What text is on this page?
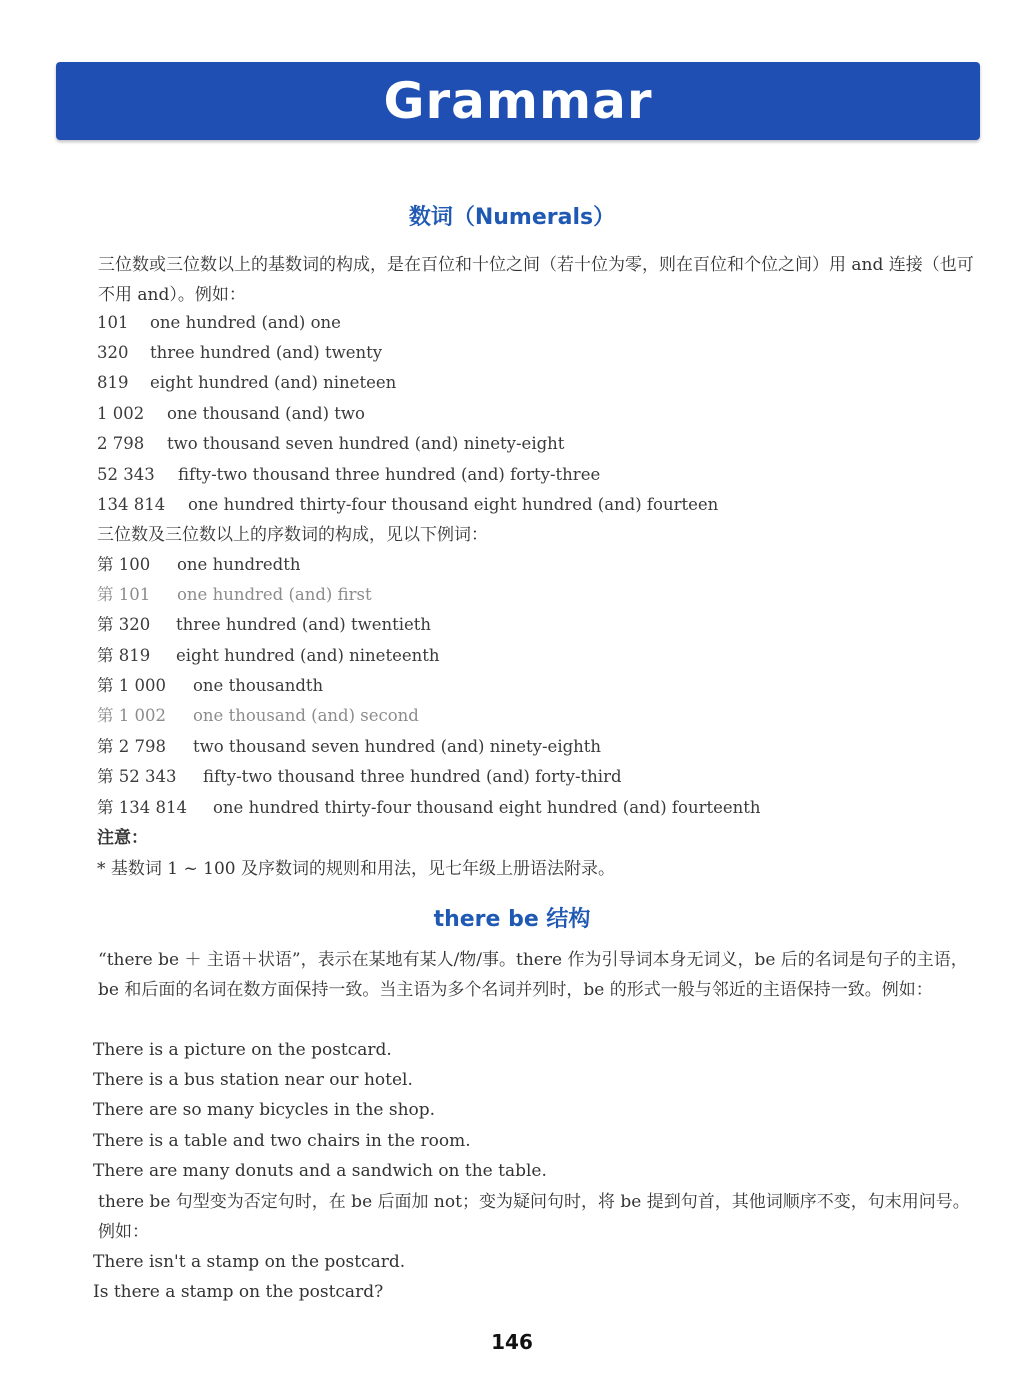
Grammar
数词（Numerals）
三位数或三位数以上的基数词的构成，是在百位和十位之间（若十位为零，则在百位和个位之间）用 and 连接（也可不用 and）。例如：
101 one hundred (and) one
320 three hundred (and) twenty
819 eight hundred (and) nineteen
1 002 one thousand (and) two
2 798 two thousand seven hundred (and) ninety-eight
52 343 fifty-two thousand three hundred (and) forty-three
134 814 one hundred thirty-four thousand eight hundred (and) fourteen
三位数及三位数以上的序数词的构成，见以下例词：
第 100 one hundredth
第 101 one hundred (and) first
第 320 three hundred (and) twentieth
第 819 eight hundred (and) nineteenth
第 1 000 one thousandth
第 1 002 one thousand (and) second
第 2 798 two thousand seven hundred (and) ninety-eighth
第 52 343 fifty-two thousand three hundred (and) forty-third
第 134 814 one hundred thirty-four thousand eight hundred (and) fourteenth
注意：
* 基数词 1 ~ 100 及序数词的规则和用法，见七年级上册语法附录。
there be 结构
“there be ＋ 主语＋状语”，表示在某地有某人/物/事。there 作为引导词本身无词义，be 后的名词是句子的主语，be 和后面的名词在数方面保持一致。当主语为多个名词并列时，be 的形式一般与邻近的主语保持一致。例如：
There is a picture on the postcard.
There is a bus station near our hotel.
There are so many bicycles in the shop.
There is a table and two chairs in the room.
There are many donuts and a sandwich on the table.
there be 句型变为否定句时，在 be 后面加 not；变为疑问句时，将 be 提到句首，其他词顺序不变，句末用问号。例如：
There isn't a stamp on the postcard.
Is there a stamp on the postcard?
146
